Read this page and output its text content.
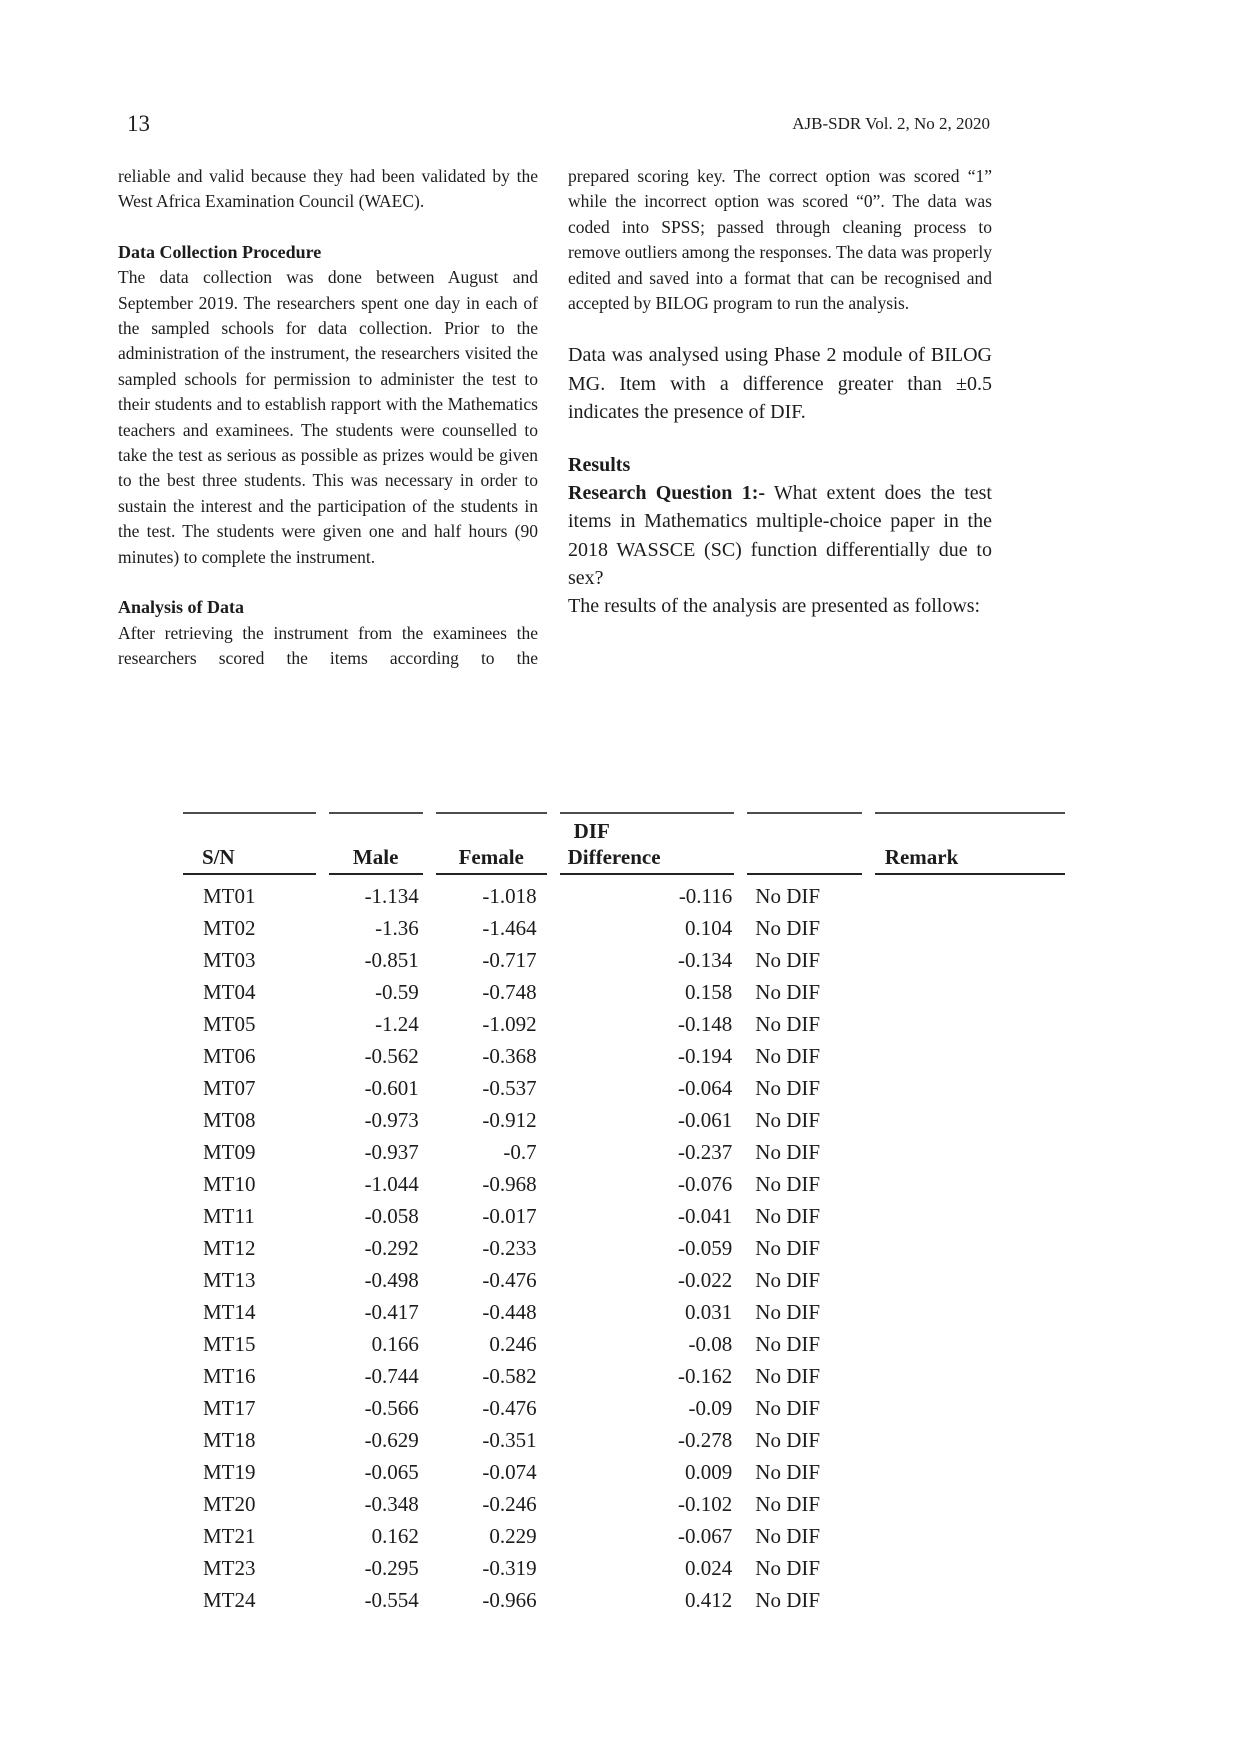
13	AJB-SDR Vol. 2, No 2, 2020

reliable and valid because they had been validated by the West Africa Examination Council (WAEC).

Data Collection Procedure

The data collection was done between August and September 2019. The researchers spent one day in each of the sampled schools for data collection. Prior to the administration of the instrument, the researchers visited the sampled schools for permission to administer the test to their students and to establish rapport with the Mathematics teachers and examinees. The students were counselled to take the test as serious as possible as prizes would be given to the best three students. This was necessary in order to sustain the interest and the participation of the students in the test. The students were given one and half hours (90 minutes) to complete the instrument.

Analysis of Data

After retrieving the instrument from the examinees the researchers scored the items according to the

prepared scoring key. The correct option was scored “1” while the incorrect option was scored “0”. The data was coded into SPSS; passed through cleaning process to remove outliers among the responses. The data was properly edited and saved into a format that can be recognised and accepted by BILOG program to run the analysis.

Data was analysed using Phase 2 module of BILOG MG. Item with a difference greater than ±0.5 indicates the presence of DIF.

Results

Research Question 1:- What extent does the test items in Mathematics multiple-choice paper in the 2018 WASSCE (SC) function differentially due to sex?

The results of the analysis are presented as follows:

S/N	Male	Female	DIF
Difference		Remark
MT01	-1.134	-1.018	-0.116	No DIF	
MT02	-1.36	-1.464	0.104	No DIF	
MT03	-0.851	-0.717	-0.134	No DIF	
MT04	-0.59	-0.748	0.158	No DIF	
MT05	-1.24	-1.092	-0.148	No DIF	
MT06	-0.562	-0.368	-0.194	No DIF	
MT07	-0.601	-0.537	-0.064	No DIF	
MT08	-0.973	-0.912	-0.061	No DIF	
MT09	-0.937	-0.7	-0.237	No DIF	
MT10	-1.044	-0.968	-0.076	No DIF	
MT11	-0.058	-0.017	-0.041	No DIF	
MT12	-0.292	-0.233	-0.059	No DIF	
MT13	-0.498	-0.476	-0.022	No DIF	
MT14	-0.417	-0.448	0.031	No DIF	
MT15	0.166	0.246	-0.08	No DIF	
MT16	-0.744	-0.582	-0.162	No DIF	
MT17	-0.566	-0.476	-0.09	No DIF	
MT18	-0.629	-0.351	-0.278	No DIF	
MT19	-0.065	-0.074	0.009	No DIF	
MT20	-0.348	-0.246	-0.102	No DIF	
MT21	0.162	0.229	-0.067	No DIF	
MT23	-0.295	-0.319	0.024	No DIF	
MT24	-0.554	-0.966	0.412	No DIF	
